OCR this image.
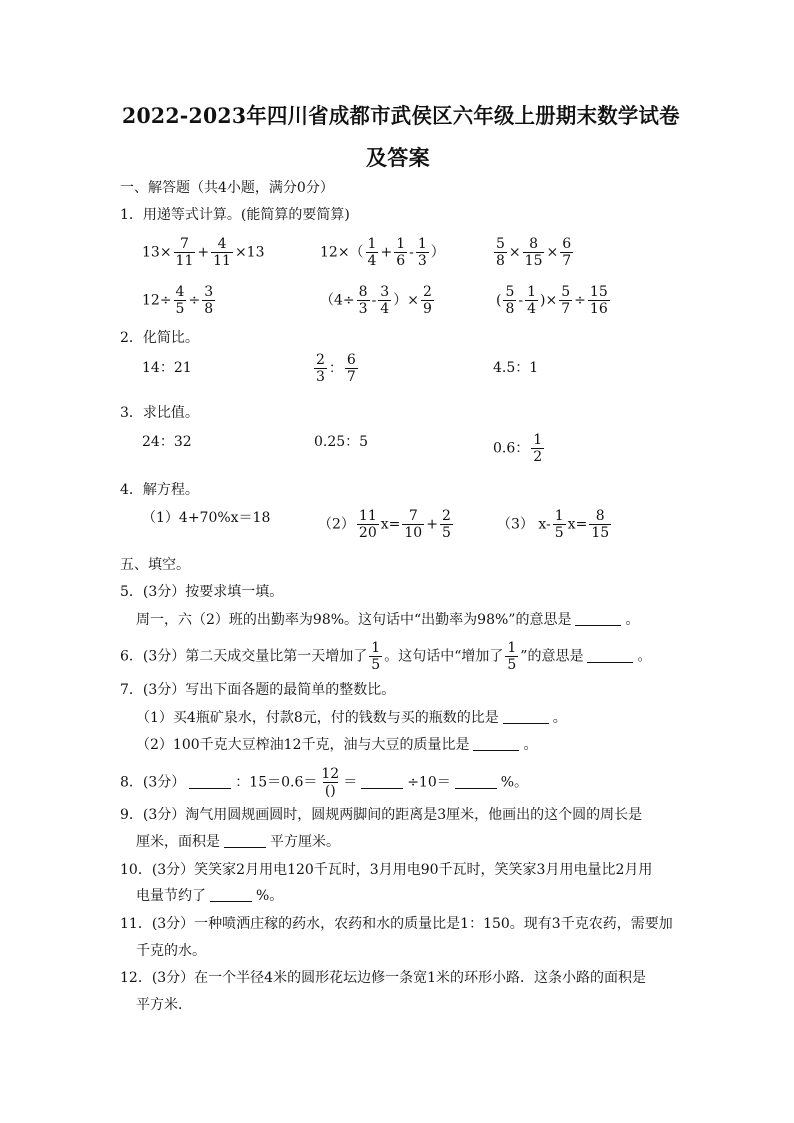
2022-2023年四川省成都市武侯区六年级上册期末数学试卷
及答案
一、解答题（共4小题，满分0分）
1．用递等式计算。(能简算的要简算)
$13\times \frac{7}{11} + \frac{4}{11} \times 13$	$12\times( \frac{1}{4} + \frac{1}{6} - \frac{1}{3}$ ）	$\frac{5}{8} \times \frac{8}{15} \times \frac{6}{7}$
$12\div \frac{4}{5} \div \frac{3}{8}$	（$4\div \frac{8}{3} - \frac{3}{4}$ ）× $\frac{2}{9}$	( $\frac{5}{8} - \frac{1}{4}$ )× $\frac{5}{7} \div \frac{15}{16}$
2．化简比。
14：21	$\frac{2}{3}$ ： $\frac{6}{7}$	4.5：1
3．求比值。
24：32	0.25：5	0.6： $\frac{1}{2}$
4．解方程。
（1）4+70%x＝18	$(2) \frac{11}{20} x= \frac{7}{10} + \frac{2}{5}$	（3） $x- \frac{1}{5} x= \frac{8}{15}$
五、填空。
5．(3分）按要求填一填。
周一，六（2）班的出勤率为98%。这句话中“出勤率为98%”的意思是	。
6．(3分）第二天成交量比第一天增加了 $\frac{1}{5}$ 。这句话中“增加了 $\frac{1}{5}$ ”的意思是	。
7．(3分）写出下面各题的最简单的整数比。
（1）买4瓶矿泉水，付款8元，付的钱数与买的瓶数的比是	。
（2）100千克大豆榨油12千克，油与大豆的质量比是	。
8．(3分）	：$15=0.6= \frac{12}{()}$ ＝	÷10＝	%。
9．(3分）淘气用圆规画圆时，圆规两脚间的距离是3厘米，他画出的这个圆的周长是
厘米，面积是	平方厘米。
10．(3分）笑笑家2月用电120千瓦时，3月用电90千瓦时，笑笑家3月用电量比2月用
电量节约了	%。
11．(3分）一种喷洒庄稼的药水，农药和水的质量比是1：150。现有3千克农药，需要加
千克的水。
12．(3分）在一个半径4米的圆形花坛边修一条宽1米的环形小路．这条小路的面积是
平方米．
